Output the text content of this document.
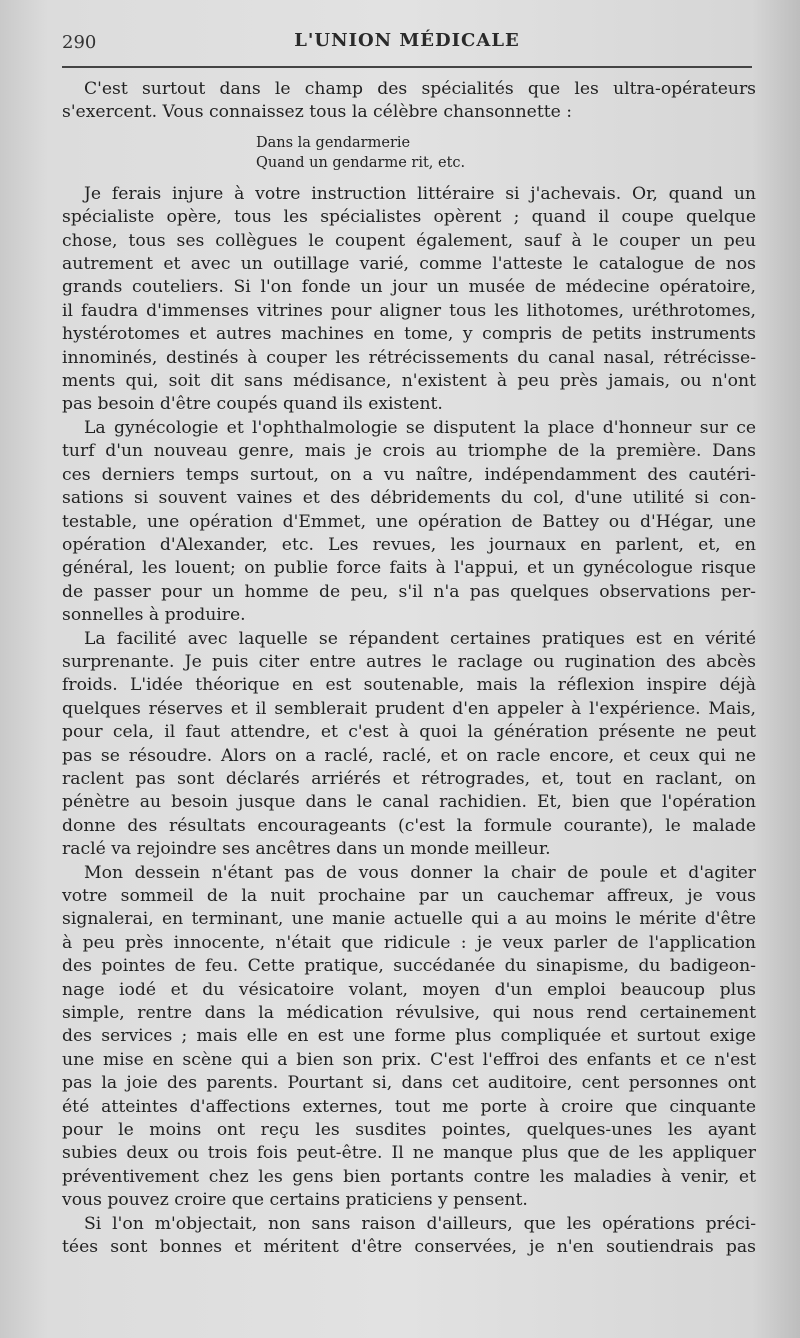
290	L'UNION MÉDICALE

C'est surtout dans le champ des spécialités que les ultra-opérateurs
s'exercent. Vous connaissez tous la célèbre chansonnette :

Dans la gendarmerie
Quand un gendarme rit, etc.

Je ferais injure à votre instruction littéraire si j'achevais. Or, quand un
spécialiste opère, tous les spécialistes opèrent ; quand il coupe quelque
chose, tous ses collègues le coupent également, sauf à le couper un peu
autrement et avec un outillage varié, comme l'atteste le catalogue de nos
grands couteliers. Si l'on fonde un jour un musée de médecine opératoire,
il faudra d'immenses vitrines pour aligner tous les lithotomes, uréthrotomes,
hystérotomes et autres machines en tome, y compris de petits instruments
innominés, destinés à couper les rétrécissements du canal nasal, rétrécisse-
ments qui, soit dit sans médisance, n'existent à peu près jamais, ou n'ont
pas besoin d'être coupés quand ils existent.

La gynécologie et l'ophthalmologie se disputent la place d'honneur sur ce
turf d'un nouveau genre, mais je crois au triomphe de la première. Dans
ces derniers temps surtout, on a vu naître, indépendamment des cautéri-
sations si souvent vaines et des débridements du col, d'une utilité si con-
testable, une opération d'Emmet, une opération de Battey ou d'Hégar, une
opération d'Alexander, etc. Les revues, les journaux en parlent, et, en
général, les louent; on publie force faits à l'appui, et un gynécologue risque
de passer pour un homme de peu, s'il n'a pas quelques observations per-
sonnelles à produire.

La facilité avec laquelle se répandent certaines pratiques est en vérité
surprenante. Je puis citer entre autres le raclage ou rugination des abcès
froids. L'idée théorique en est soutenable, mais la réflexion inspire déjà
quelques réserves et il semblerait prudent d'en appeler à l'expérience. Mais,
pour cela, il faut attendre, et c'est à quoi la génération présente ne peut
pas se résoudre. Alors on a raclé, raclé, et on racle encore, et ceux qui ne
raclent pas sont déclarés arriérés et rétrogrades, et, tout en raclant, on
pénètre au besoin jusque dans le canal rachidien. Et, bien que l'opération
donne des résultats encourageants (c'est la formule courante), le malade
raclé va rejoindre ses ancêtres dans un monde meilleur.

Mon dessein n'étant pas de vous donner la chair de poule et d'agiter
votre sommeil de la nuit prochaine par un cauchemar affreux, je vous
signalerai, en terminant, une manie actuelle qui a au moins le mérite d'être
à peu près innocente, n'était que ridicule : je veux parler de l'application
des pointes de feu. Cette pratique, succédanée du sinapisme, du badigeon-
nage iodé et du vésicatoire volant, moyen d'un emploi beaucoup plus
simple, rentre dans la médication révulsive, qui nous rend certainement
des services ; mais elle en est une forme plus compliquée et surtout exige
une mise en scène qui a bien son prix. C'est l'effroi des enfants et ce n'est
pas la joie des parents. Pourtant si, dans cet auditoire, cent personnes ont
été atteintes d'affections externes, tout me porte à croire que cinquante
pour le moins ont reçu les susdites pointes, quelques-unes les ayant
subies deux ou trois fois peut-être. Il ne manque plus que de les appliquer
préventivement chez les gens bien portants contre les maladies à venir, et
vous pouvez croire que certains praticiens y pensent.

Si l'on m'objectait, non sans raison d'ailleurs, que les opérations préci-
tées sont bonnes et méritent d'être conservées, je n'en soutiendrais pas
